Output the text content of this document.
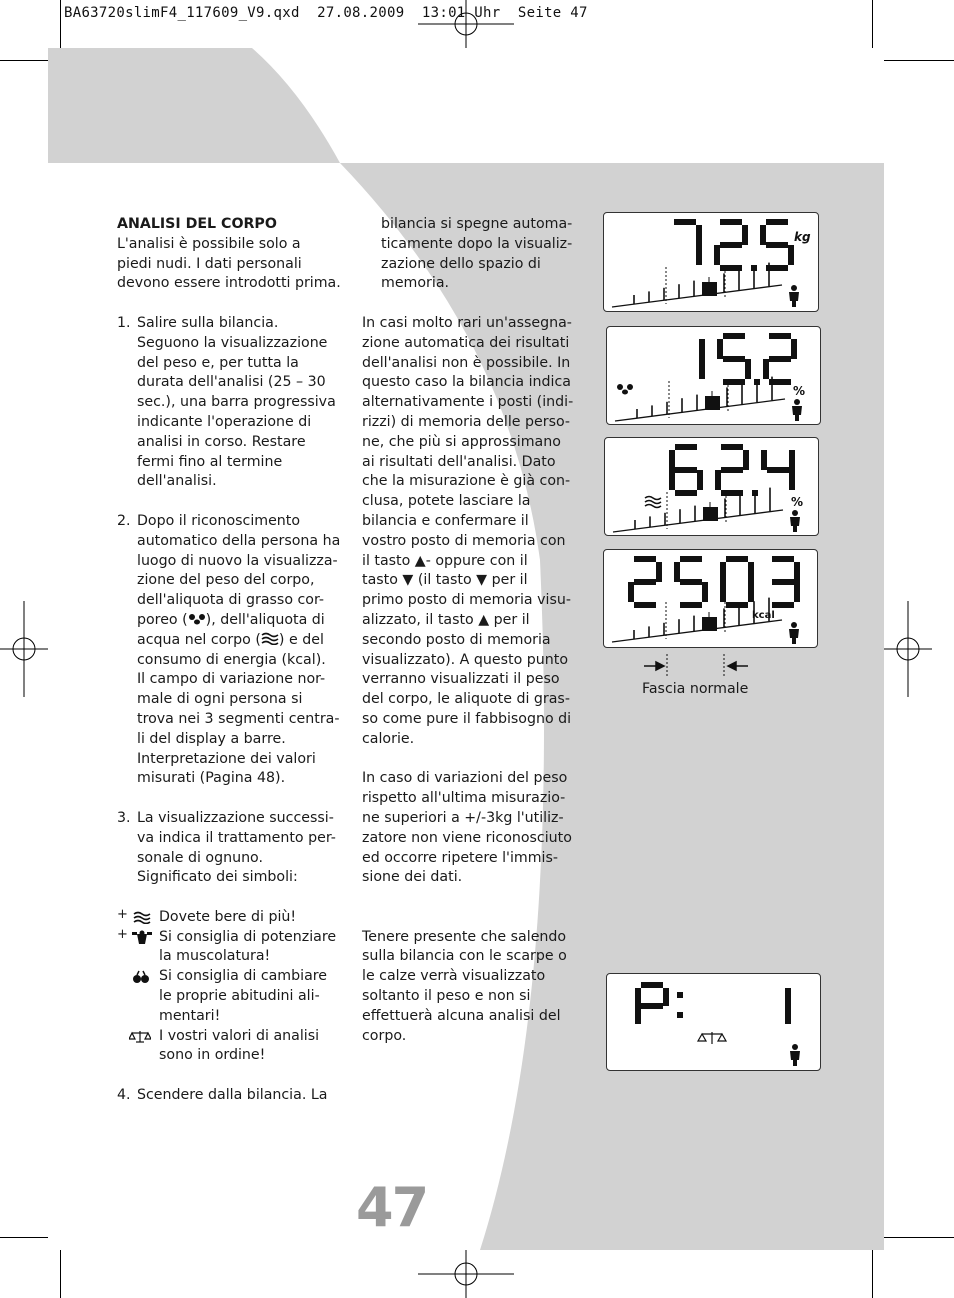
BA63720slimF4_117609_V9.qxd  27.08.2009  13:01 Uhr  Seite 47

ANALISI DEL CORPO

L'analisi è possibile solo a

piedi nudi. I dati personali

devono essere introdotti prima.

1. Salire sulla bilancia.

Seguono la visualizzazione

del peso e, per tutta la

durata dell'analisi (25 – 30

sec.), una barra progressiva

indicante l'operazione di

analisi in corso. Restare

fermi fino al termine

dell'analisi.

2. Dopo il riconoscimento

automatico della persona ha

luogo di nuovo la visualizza-

zione del peso del corpo,

dell'aliquota di grasso cor-

poreo ( ), dell'aliquota di

acqua nel corpo ( ) e del

consumo di energia (kcal).

Il campo di variazione nor-

male di ogni persona si

trova nei 3 segmenti centra-

li del display a barre.

Interpretazione dei valori

misurati (Pagina 48).

3. La visualizzazione successi-

va indica il trattamento per-

sonale di ognuno.

Significato dei simboli:

+ Dovete bere di più!

+ Si consiglia di potenziare

la muscolatura!

Si consiglia di cambiare

le proprie abitudini ali-

mentari!

I vostri valori di analisi

sono in ordine!

4. Scendere dalla bilancia. La

bilancia si spegne automa-

ticamente dopo la visualiz-

zazione dello spazio di

memoria.

In casi molto rari un'assegna-

zione automatica dei risultati

dell'analisi non è possibile. In

questo caso la bilancia indica

alternativamente i posti (indi-

rizzi) di memoria delle perso-

ne, che più si approssimano

ai risultati dell'analisi. Dato

che la misurazione è già con-

clusa, potete lasciare la

bilancia e confermare il

vostro posto di memoria con

il tasto ▲- oppure con il

tasto ▼ (il tasto ▼ per il

primo posto di memoria visu-

alizzato, il tasto ▲ per il

secondo posto di memoria

visualizzato). A questo punto

verranno visualizzati il peso

del corpo, le aliquote di gras-

so come pure il fabbisogno di

calorie.

In caso di variazioni del peso

rispetto all'ultima misurazio-

ne superiori a +/-3kg l'utiliz-

zatore non viene riconosciuto

ed occorre ripetere l'immis-

sione dei dati.

Tenere presente che salendo

sulla bilancia con le scarpe o

le calze verrà visualizzato

soltanto il peso e non si

effettuerà alcuna analisi del

corpo.

kg
%
%
kcal
Fascia normale
47
